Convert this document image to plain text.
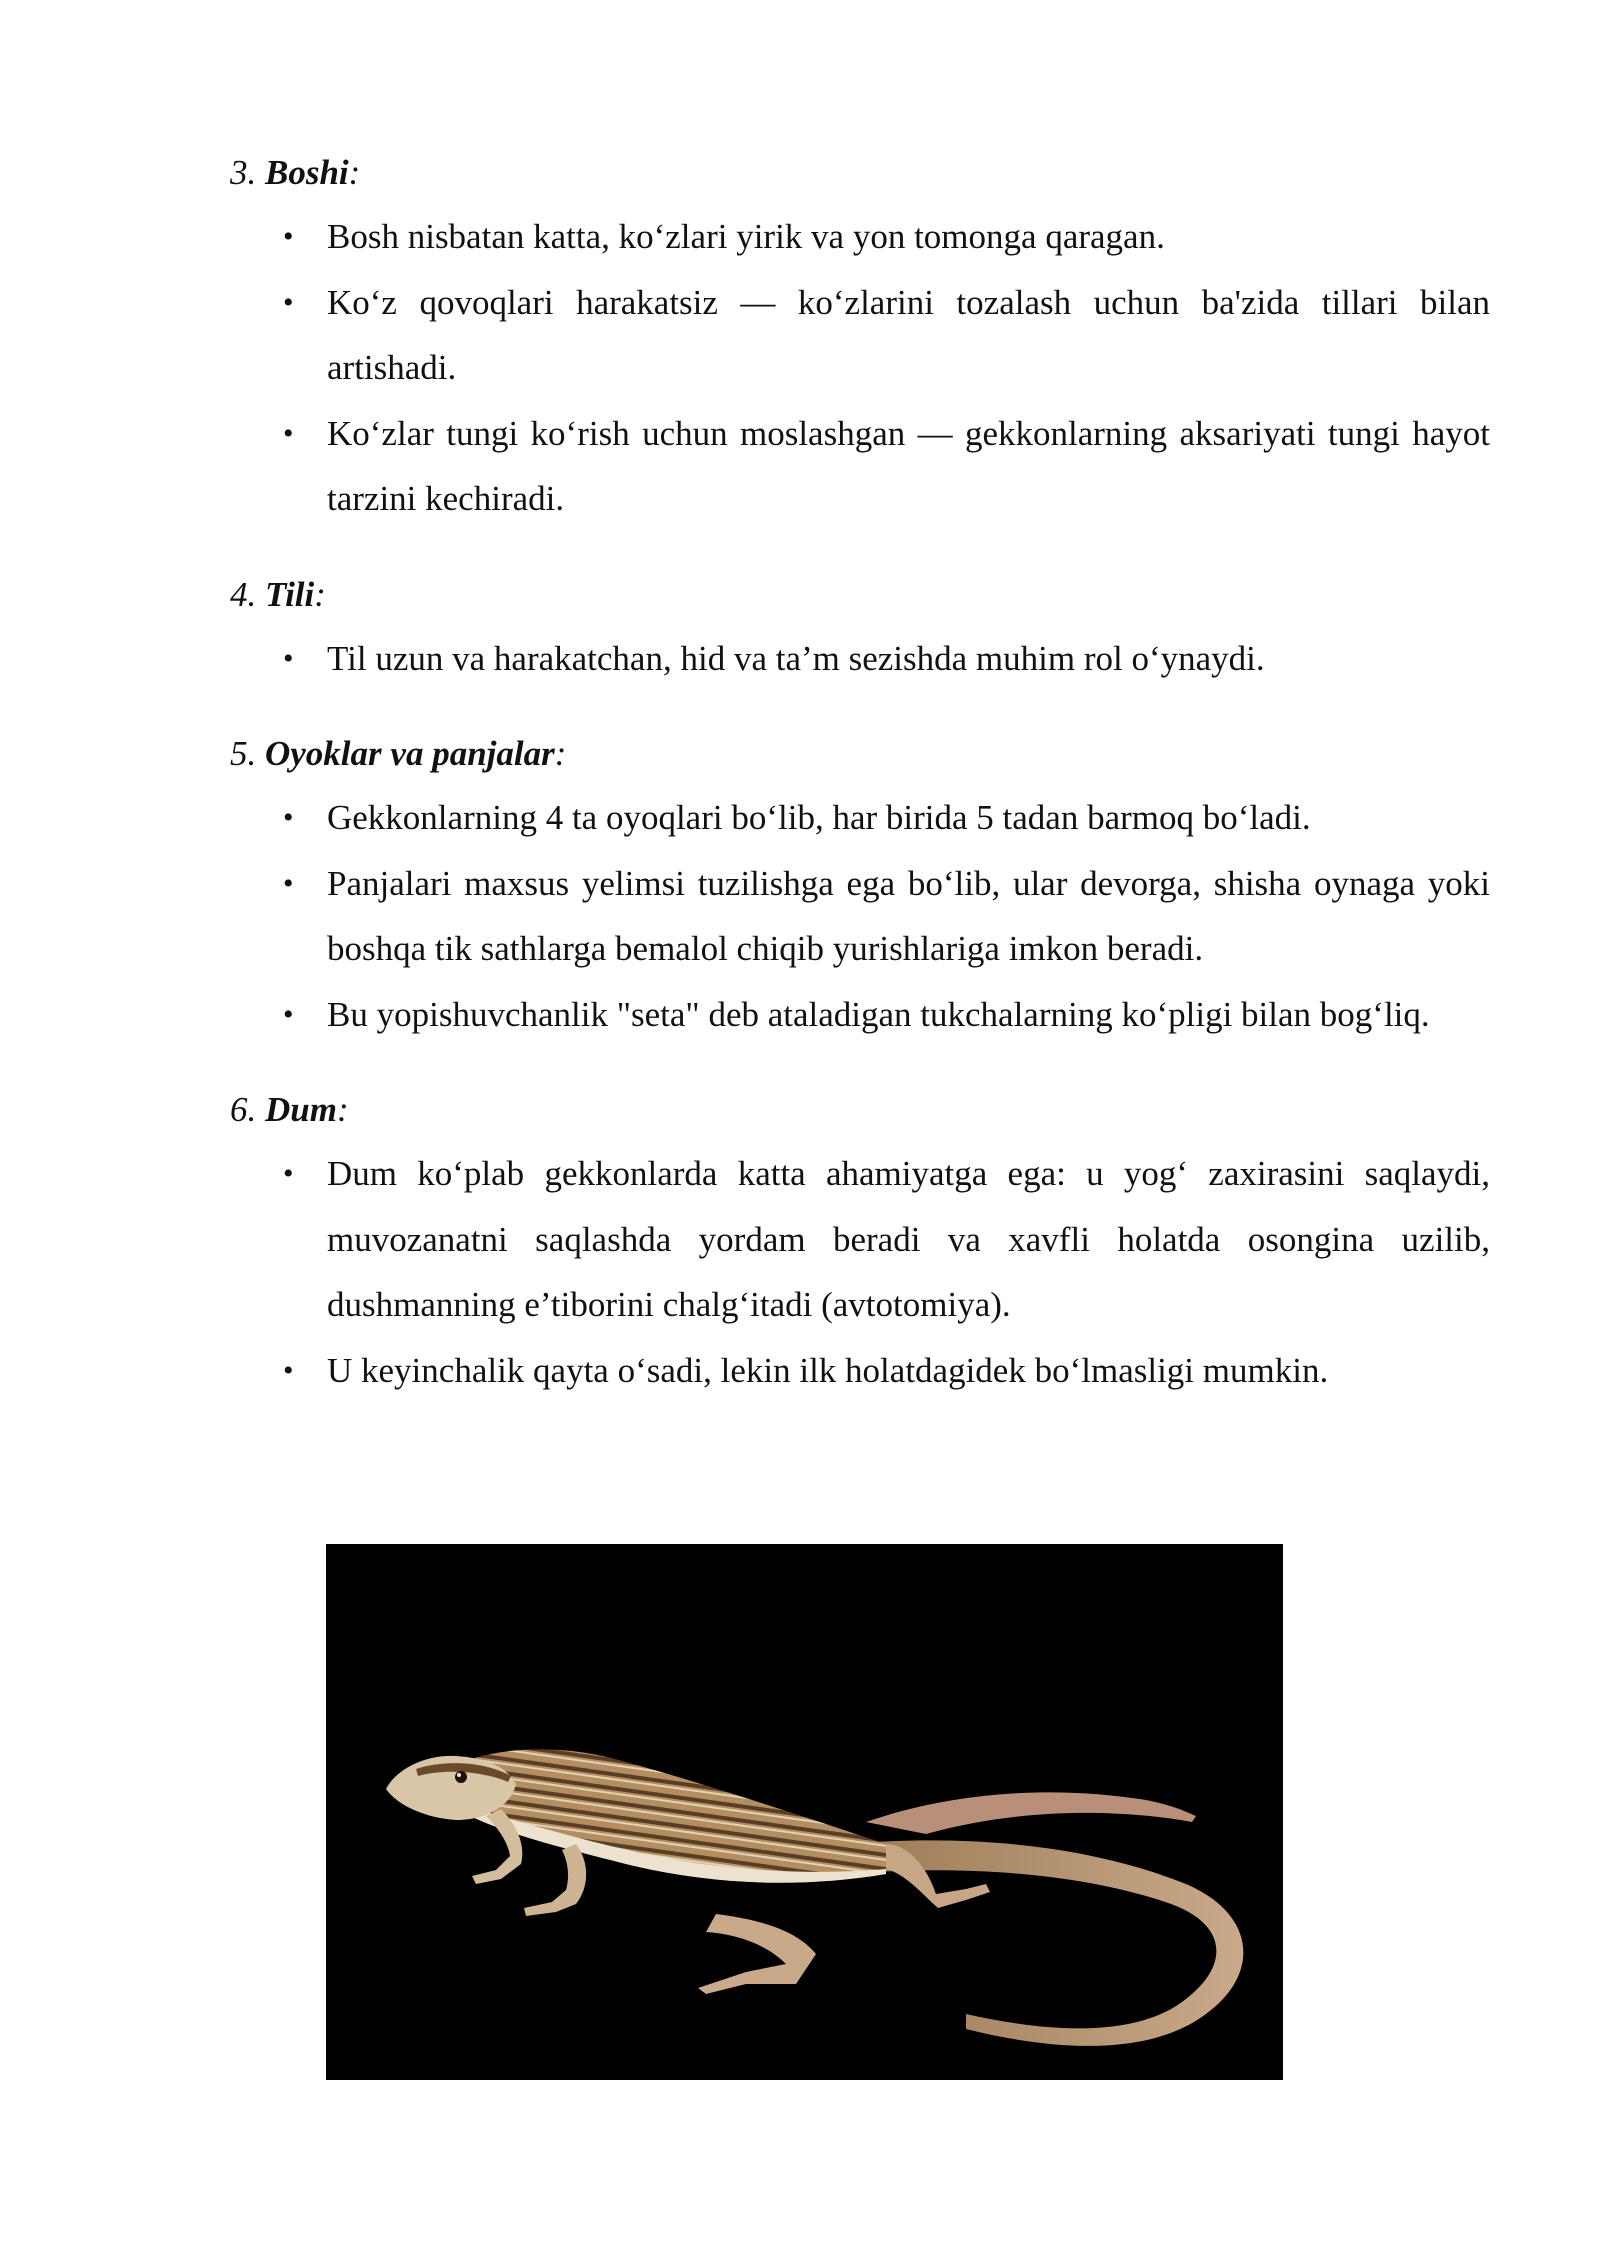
3. Boshi:

• Bosh nisbatan katta, ko‘zlari yirik va yon tomonga qaragan.
• Ko‘z qovoqlari harakatsiz — ko‘zlarini tozalash uchun ba'zida tillari bilan artishadi.
• Ko‘zlar tungi ko‘rish uchun moslashgan — gekkonlarning aksariyati tungi hayot tarzini kechiradi.

4. Tili:

• Til uzun va harakatchan, hid va ta’m sezishda muhim rol o‘ynaydi.

5. Oyoklar va panjalar:

• Gekkonlarning 4 ta oyoqlari bo‘lib, har birida 5 tadan barmoq bo‘ladi.
• Panjalari maxsus yelimsi tuzilishga ega bo‘lib, ular devorga, shisha oynaga yoki boshqa tik sathlarga bemalol chiqib yurishlariga imkon beradi.
• Bu yopishuvchanlik "seta" deb ataladigan tukchalarning ko‘pligi bilan bog‘liq.

6. Dum:

• Dum ko‘plab gekkonlarda katta ahamiyatga ega: u yog‘ zaxirasini saqlaydi, muvozanatni saqlashda yordam beradi va xavfli holatda osongina uzilib, dushmanning e’tiborini chalg‘itadi (avtotomiya).
• U keyinchalik qayta o‘sadi, lekin ilk holatdagidek bo‘lmasligi mumkin.
